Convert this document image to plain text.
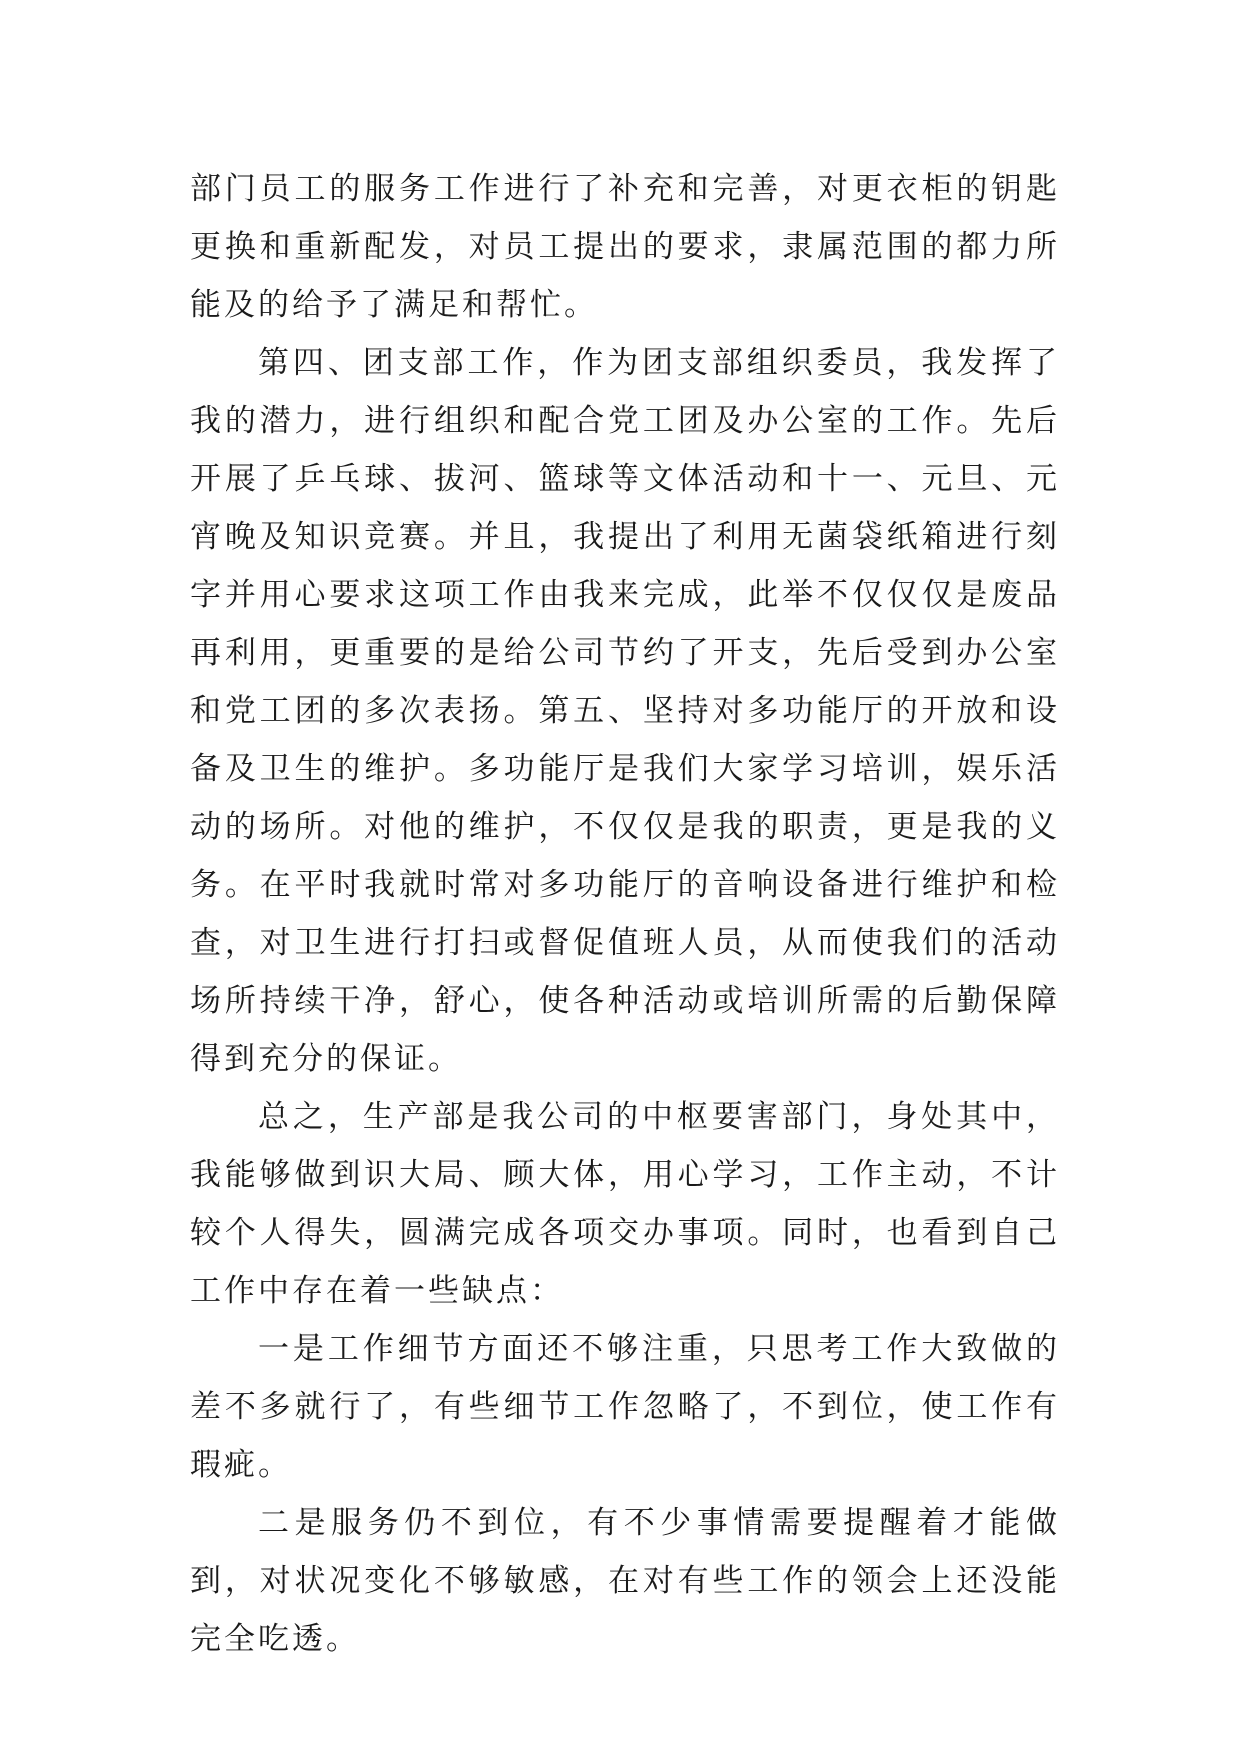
部门员工的服务工作进行了补充和完善，对更衣柜的钥匙更换和重新配发，对员工提出的要求，隶属范围的都力所能及的给予了满足和帮忙。

第四、团支部工作，作为团支部组织委员，我发挥了我的潜力，进行组织和配合党工团及办公室的工作。先后开展了乒乓球、拔河、篮球等文体活动和十一、元旦、元宵晚及知识竞赛。并且，我提出了利用无菌袋纸箱进行刻字并用心要求这项工作由我来完成，此举不仅仅仅是废品再利用，更重要的是给公司节约了开支，先后受到办公室和党工团的多次表扬。第五、坚持对多功能厅的开放和设备及卫生的维护。多功能厅是我们大家学习培训，娱乐活动的场所。对他的维护，不仅仅是我的职责，更是我的义务。在平时我就时常对多功能厅的音响设备进行维护和检查，对卫生进行打扫或督促值班人员，从而使我们的活动场所持续干净，舒心，使各种活动或培训所需的后勤保障得到充分的保证。

总之，生产部是我公司的中枢要害部门，身处其中，我能够做到识大局、顾大体，用心学习，工作主动，不计较个人得失，圆满完成各项交办事项。同时，也看到自己工作中存在着一些缺点：

一是工作细节方面还不够注重，只思考工作大致做的差不多就行了，有些细节工作忽略了，不到位，使工作有瑕疵。

二是服务仍不到位，有不少事情需要提醒着才能做到，对状况变化不够敏感，在对有些工作的领会上还没能完全吃透。
